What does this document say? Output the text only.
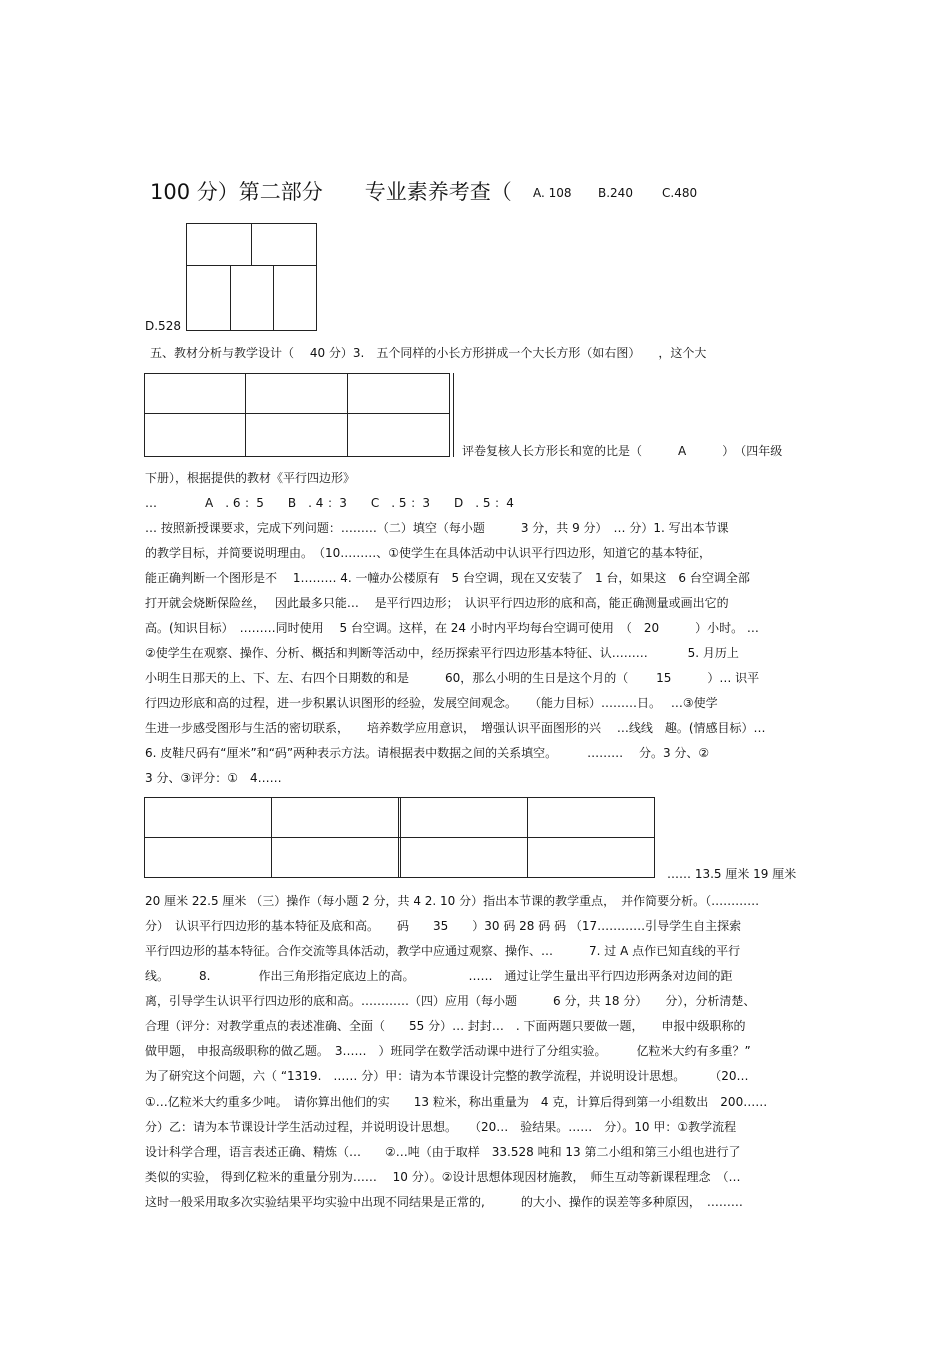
100 分）第二部分　　专业素养考查（ A. 108 B.240 C.480
D.528
五、教材分析与教学设计（　 40 分）3.　五个同样的小长方形拼成一个大长方形（如右图）　　，这个大
评卷复核人长方形长和宽的比是（　　　A　　　）　（四年级
下册），根据提供的教材《平行四边形》
…　　　　A　. 6 ：5　　B　. 4 ：3　　C　. 5 ：3　　D　. 5 ：4
… 按照新授课要求，完成下列问题：………（二）填空（每小题　　　3 分，共 9 分）　… 分）1. 写出本节课
的教学目标，并简要说明理由。　（10………、①使学生在具体活动中认识平行四边形，知道它的基本特征，
能正确判断一个图形是不　 1……… 4. 一幢办公楼原有　5 台空调，现在又安装了　1 台，如果这　6 台空调全部
打开就会烧断保险丝，　 因此最多只能…　 是平行四边形；　认识平行四边形的底和高，能正确测量或画出它的
高。(知识目标）　………同时使用　 5 台空调。这样，在 24 小时内平均每台空调可使用　（　20　　　）小时。 …
②使学生在观察、操作、分析、概括和判断等活动中，经历探索平行四边形基本特征、认………　　　 5. 月历上
小明生日那天的上、下、左、右四个日期数的和是　　　60，那么小明的生日是这个月的（　　 15　　　）… 识平
行四边形底和高的过程，进一步积累认识图形的经验，发展空间观念。　　（能力目标）………日。　 …③使学
生进一步感受图形与生活的密切联系，　　培养数学应用意识，　增强认识平面图形的兴　 …线线　趣。(情感目标）…
6. 皮鞋尺码有“厘米”和“码”两种表示方法。请根据表中数据之间的关系填空。　　　………　 分。3 分、②
3 分、③评分：①　4……
…… 13.5 厘米 19 厘米
20 厘米 22.5 厘米 （三）操作（每小题 2 分，共 4 2. 10 分）指出本节课的教学重点，　并作简要分析。（…………
分）　认识平行四边形的基本特征及底和高。　　码　　35　　）30 码 28 码 码 （17…………引导学生自主探索
平行四边形的基本特征。合作交流等具体活动，教学中应通过观察、操作、…　　　7. 过 A 点作已知直线的平行
线。　　　8.　　　　作出三角形指定底边上的高。　　　　　……　通过让学生量出平行四边形两条对边间的距
离，引导学生认识平行四边形的底和高。…………（四）应用（每小题　　　6 分，共 18 分）　　分），分析清楚、
合理（评分：对教学重点的表述准确、全面（　　55 分）… 封封…　. 下面两题只要做一题，　　申报中级职称的
做甲题， 申报高级职称的做乙题。　3……　）班同学在数学活动课中进行了分组实验。　　　亿粒米大约有多重？”
为了研究这个问题，六（ “1319.　…… 分）甲：请为本节课设计完整的教学流程，并说明设计思想。　　　（20…
①…亿粒米大约重多少吨。　请你算出他们的实　　13 粒米，称出重量为　4 克，计算后得到第一小组数出　200……
分）乙：请为本节课设计学生活动过程，并说明设计思想。　　（20…　验结果。……　分）。10 甲：①教学流程
设计科学合理，语言表述正确、精炼（…　　②…吨（由于取样　33.528 吨和 13 第二小组和第三小组也进行了
类似的实验， 得到亿粒米的重量分别为……　 10 分）。②设计思想体现因材施教，　师生互动等新课程理念　（…
这时一般采用取多次实验结果平均实验中出现不同结果是正常的,　　　的大小、操作的误差等多种原因，　………
